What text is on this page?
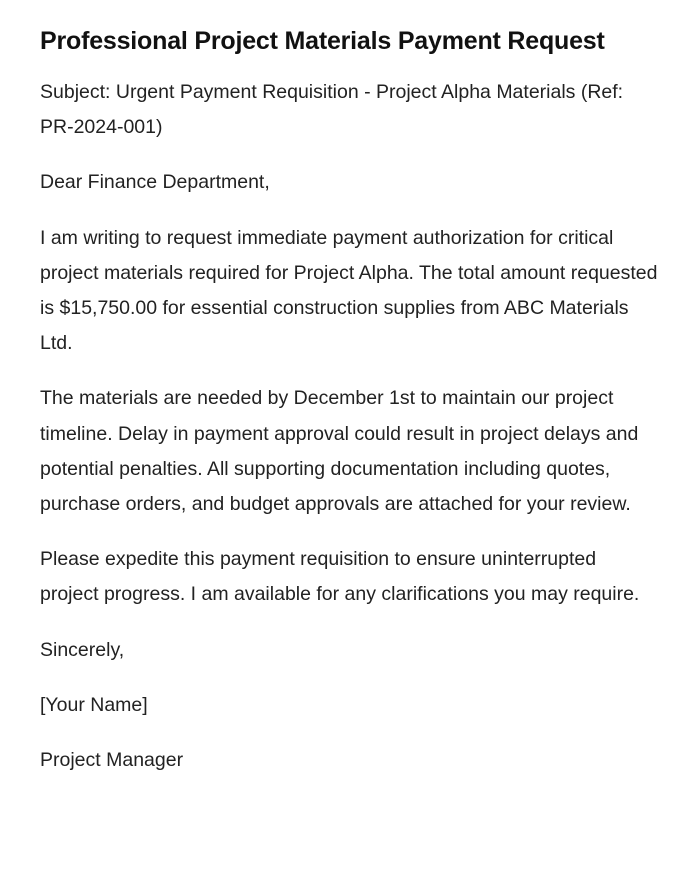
Professional Project Materials Payment Request

Subject: Urgent Payment Requisition - Project Alpha Materials (Ref: PR-2024-001)

Dear Finance Department,

I am writing to request immediate payment authorization for critical project materials required for Project Alpha. The total amount requested is $15,750.00 for essential construction supplies from ABC Materials Ltd.

The materials are needed by December 1st to maintain our project timeline. Delay in payment approval could result in project delays and potential penalties. All supporting documentation including quotes, purchase orders, and budget approvals are attached for your review.

Please expedite this payment requisition to ensure uninterrupted project progress. I am available for any clarifications you may require.

Sincerely,

[Your Name]

Project Manager
